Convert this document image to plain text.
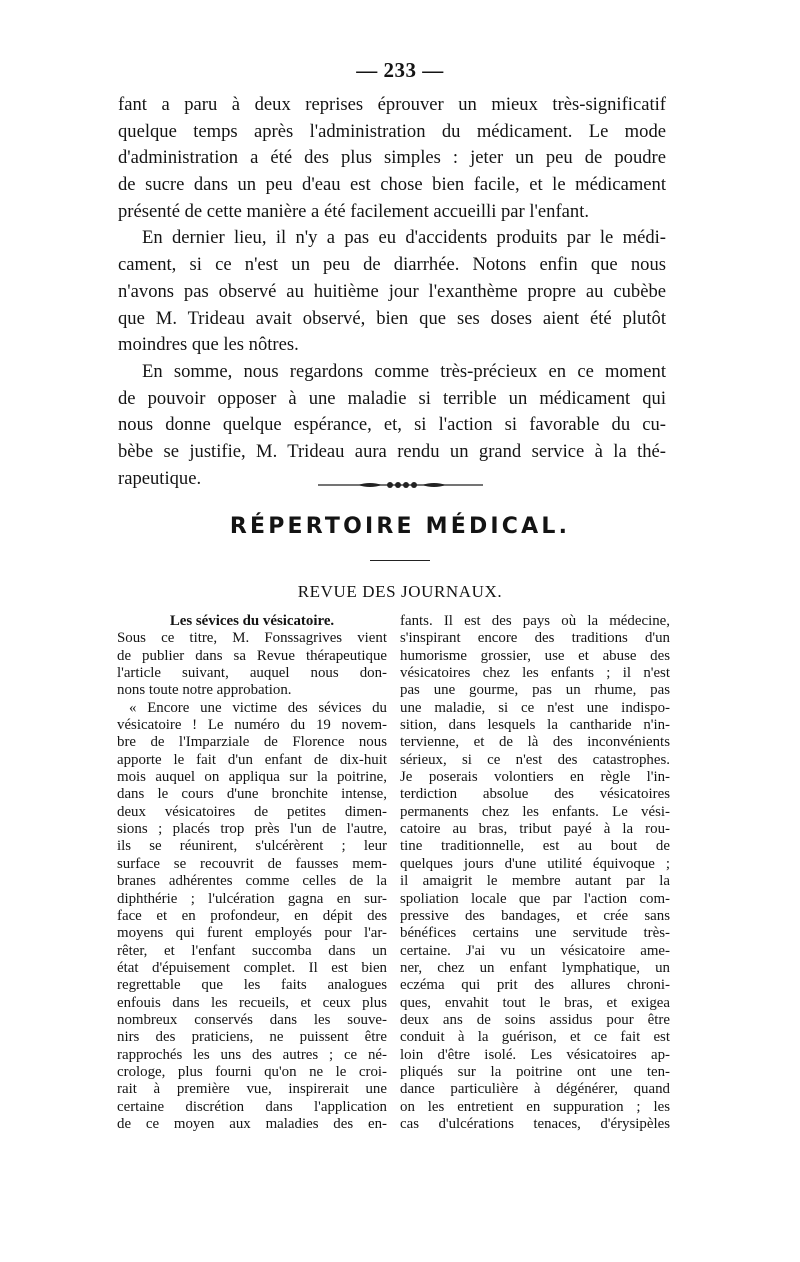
— 233 —
fant a paru à deux reprises éprouver un mieux très-significatif
quelque temps après l'administration du médicament. Le mode
d'administration a été des plus simples : jeter un peu de poudre
de sucre dans un peu d'eau est chose bien facile, et le médicament
présenté de cette manière a été facilement accueilli par l'enfant.
En dernier lieu, il n'y a pas eu d'accidents produits par le médi-
cament, si ce n'est un peu de diarrhée. Notons enfin que nous
n'avons pas observé au huitième jour l'exanthème propre au cubèbe
que M. Trideau avait observé, bien que ses doses aient été plutôt
moindres que les nôtres.
En somme, nous regardons comme très-précieux en ce moment
de pouvoir opposer à une maladie si terrible un médicament qui
nous donne quelque espérance, et, si l'action si favorable du cu-
bèbe se justifie, M. Trideau aura rendu un grand service à la thé-
rapeutique.
RÉPERTOIRE MÉDICAL.
REVUE DES JOURNAUX.
Les sévices du vésicatoire.
Sous ce titre, M. Fonssagrives vient
de publier dans sa Revue thérapeutique
l'article suivant, auquel nous don-
nons toute notre approbation.
« Encore une victime des sévices du
vésicatoire ! Le numéro du 19 novem-
bre de l'Imparziale de Florence nous
apporte le fait d'un enfant de dix-huit
mois auquel on appliqua sur la poitrine,
dans le cours d'une bronchite intense,
deux vésicatoires de petites dimen-
sions ; placés trop près l'un de l'autre,
ils se réunirent, s'ulcérèrent ; leur
surface se recouvrit de fausses mem-
branes adhérentes comme celles de la
diphthérie ; l'ulcération gagna en sur-
face et en profondeur, en dépit des
moyens qui furent employés pour l'ar-
rêter, et l'enfant succomba dans un
état d'épuisement complet. Il est bien
regrettable que les faits analogues
enfouis dans les recueils, et ceux plus
nombreux conservés dans les souve-
nirs des praticiens, ne puissent être
rapprochés les uns des autres ; ce né-
crologe, plus fourni qu'on ne le croi-
rait à première vue, inspirerait une
certaine discrétion dans l'application
de ce moyen aux maladies des en-
fants. Il est des pays où la médecine,
s'inspirant encore des traditions d'un
humorisme grossier, use et abuse des
vésicatoires chez les enfants ; il n'est
pas une gourme, pas un rhume, pas
une maladie, si ce n'est une indispo-
sition, dans lesquels la cantharide n'in-
tervienne, et de là des inconvénients
sérieux, si ce n'est des catastrophes.
Je poserais volontiers en règle l'in-
terdiction absolue des vésicatoires
permanents chez les enfants. Le vési-
catoire au bras, tribut payé à la rou-
tine traditionnelle, est au bout de
quelques jours d'une utilité équivoque ;
il amaigrit le membre autant par la
spoliation locale que par l'action com-
pressive des bandages, et crée sans
bénéfices certains une servitude très-
certaine. J'ai vu un vésicatoire ame-
ner, chez un enfant lymphatique, un
eczéma qui prit des allures chroni-
ques, envahit tout le bras, et exigea
deux ans de soins assidus pour être
conduit à la guérison, et ce fait est
loin d'être isolé. Les vésicatoires ap-
pliqués sur la poitrine ont une ten-
dance particulière à dégénérer, quand
on les entretient en suppuration ; les
cas d'ulcérations tenaces, d'érysipèles
